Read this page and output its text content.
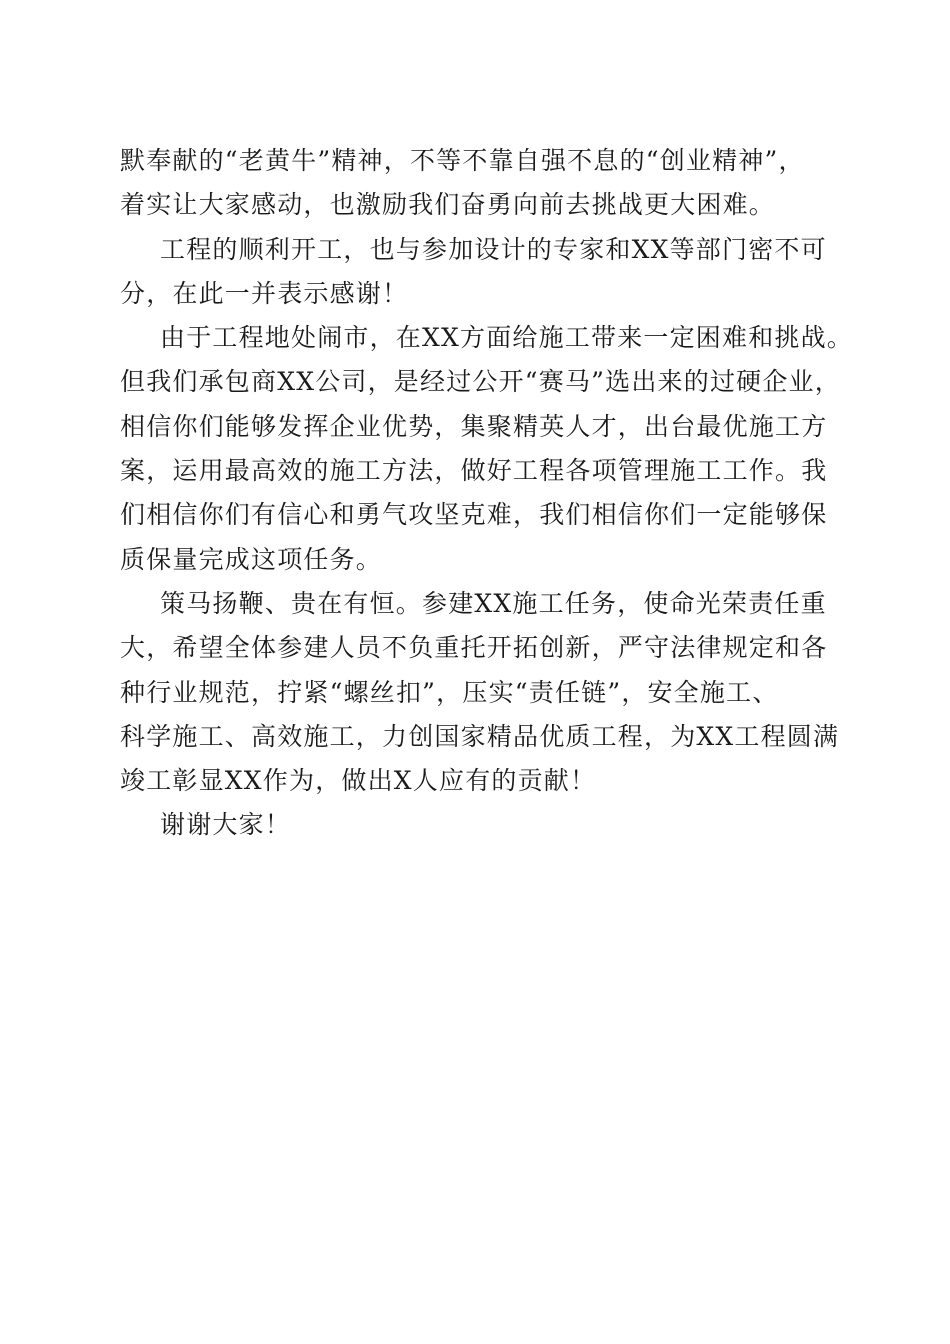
默奉献的“老黄牛”精神，不等不靠自强不息的“创业精神”，
着实让大家感动，也激励我们奋勇向前去挑战更大困难。
工程的顺利开工，也与参加设计的专家和XX等部门密不可
分，在此一并表示感谢！
由于工程地处闹市，在XX方面给施工带来一定困难和挑战。
但我们承包商XX公司，是经过公开“赛马”选出来的过硬企业，
相信你们能够发挥企业优势，集聚精英人才，出台最优施工方
案，运用最高效的施工方法，做好工程各项管理施工工作。我
们相信你们有信心和勇气攻坚克难，我们相信你们一定能够保
质保量完成这项任务。
策马扬鞭、贵在有恒。参建XX施工任务，使命光荣责任重
大，希望全体参建人员不负重托开拓创新，严守法律规定和各
种行业规范，拧紧“螺丝扣”，压实“责任链”，安全施工、
科学施工、高效施工，力创国家精品优质工程，为XX工程圆满
竣工彰显XX作为，做出X人应有的贡献！
谢谢大家！
